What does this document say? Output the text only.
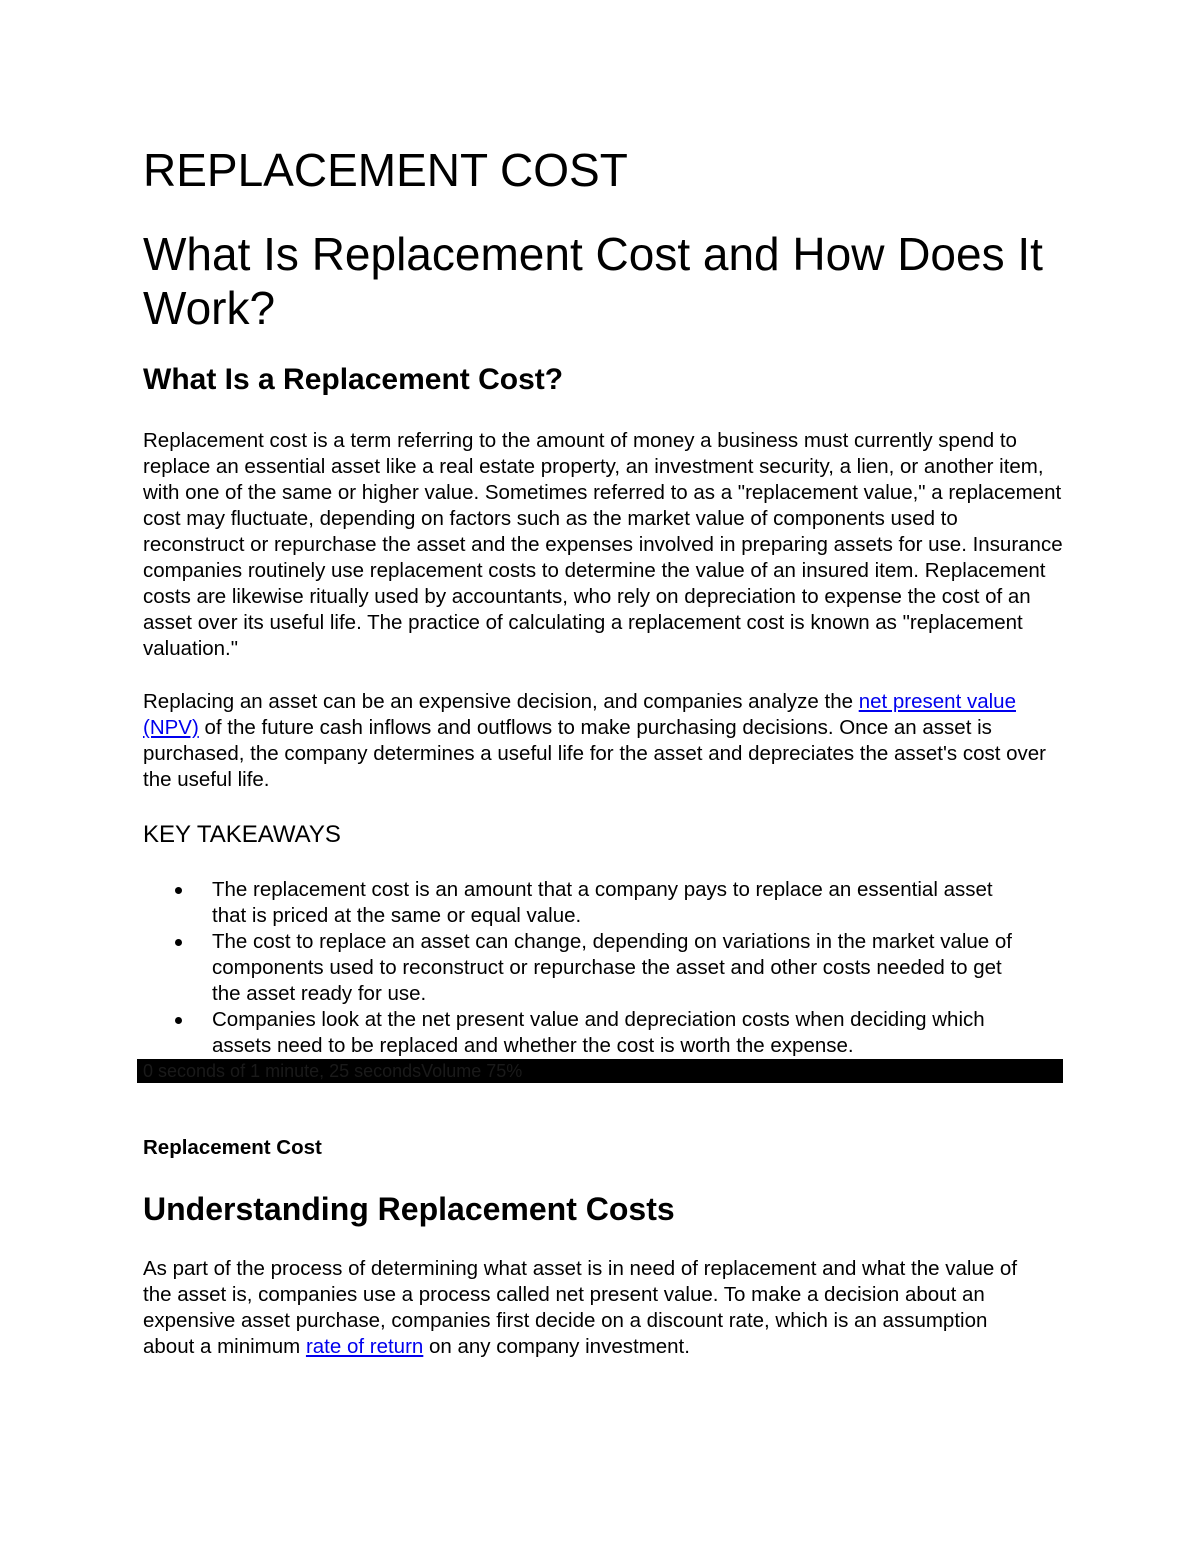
REPLACEMENT COST
What Is Replacement Cost and How Does It Work?
What Is a Replacement Cost?

Replacement cost is a term referring to the amount of money a business must currently spend to replace an essential asset like a real estate property, an investment security, a lien, or another item, with one of the same or higher value. Sometimes referred to as a "replacement value," a replacement cost may fluctuate, depending on factors such as the market value of components used to reconstruct or repurchase the asset and the expenses involved in preparing assets for use. Insurance companies routinely use replacement costs to determine the value of an insured item. Replacement costs are likewise ritually used by accountants, who rely on depreciation to expense the cost of an asset over its useful life. The practice of calculating a replacement cost is known as "replacement valuation."

Replacing an asset can be an expensive decision, and companies analyze the net present value (NPV) of the future cash inflows and outflows to make purchasing decisions. Once an asset is purchased, the company determines a useful life for the asset and depreciates the asset's cost over the useful life.

KEY TAKEAWAYS
The replacement cost is an amount that a company pays to replace an essential asset that is priced at the same or equal value.
The cost to replace an asset can change, depending on variations in the market value of components used to reconstruct or repurchase the asset and other costs needed to get the asset ready for use.
Companies look at the net present value and depreciation costs when deciding which assets need to be replaced and whether the cost is worth the expense.
Replacement Cost
Understanding Replacement Costs

As part of the process of determining what asset is in need of replacement and what the value of the asset is, companies use a process called net present value. To make a decision about an expensive asset purchase, companies first decide on a discount rate, which is an assumption about a minimum rate of return on any company investment.

0 seconds of 1 minute, 25 secondsVolume 75%
